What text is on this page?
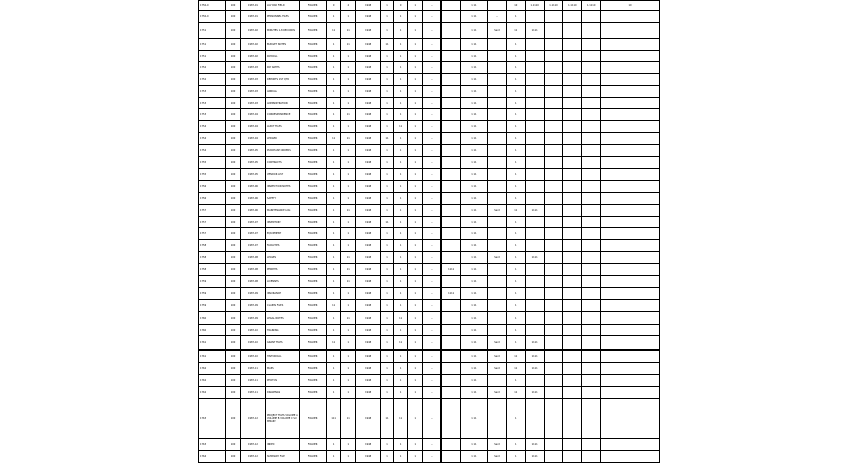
1750-0	100	1987-01	LILY PAD FIELD	FOLDER	0	4	1948	1	0	1	--		1 11		10	1.1110	1.1110	1.1110	1.1110	10
1750-0	100	1987-01	PERSONNEL FILES	FOLDER	1	1	1948	1	1	1	--		1 11	--	1					
1751	100	1987-02	MINUTES 1-8 RECORDS	FOLDER	11	11	1948	1	1	1	--		1 11	Sent	11	1111				
1751	100	1987-02	BUDGET NOTES	FOLDER	1	11	1948	11	1	1	--		1 11		1					
1751	100	1987-02	PAYROLL	FOLDER	1	1	1948	1	1	1	--		1 11		1					
1752	100	1987-03	PAY RATES	FOLDER	1	1	1948	1	1	1	--		1 11		1					
1752	100	1987-03	REPORTS 1ST QTR	FOLDER	1	1	1948	1	1	1	--		1 11		1					
1753	100	1987-03	ANNUAL	FOLDER	1	1	1948	1	1	1	--		1 11		1					
1753	100	1987-03	ADMINISTRATION	FOLDER	1	1	1948	1	1	1	--		1 11		1					
1753	100	1987-04	CORRESPONDENCE	FOLDER	1	11	1948	1	1	1	--		1 11		1					
1754	100	1987-04	AUDIT FILES	FOLDER	1	1	1948	1	11	1	--		1 11		1					
1754	100	1987-04	LEDGER	FOLDER	11	11	1948	11	1	1	--		1 11		1					
1754	100	1987-05	PURCHASE ORDERS	FOLDER	1	1	1948	1	1	1	--		1 11		1					
1755	100	1987-05	CONTRACTS	FOLDER	1	1	1948	1	1	1	--		1 11		1					
1755	100	1987-05	VENDOR LIST	FOLDER	1	1	1948	1	1	1	--		1 11		1					
1756	100	1987-06	INSPECTION NOTES	FOLDER	1	1	1948	1	1	1	--		1 11		1					
1756	100	1987-06	SAFETY	FOLDER	1	1	1948	1	1	1	--		1 11		1					
1757	100	1987-06	MAINTENANCE LOG	FOLDER	1	11	1948	1	1	1	--		1 11	Sent	11	1111				
1757	100	1987-07	INVENTORY	FOLDER	1	1	1948	11	1	1	--		1 11		1					
1757	100	1987-07	EQUIPMENT	FOLDER	1	1	1948	1	1	1	--		1 11		1					
1758	100	1987-07	FACILITIES	FOLDER	1	1	1948	1	1	1	--		1 11		1					
1758	100	1987-08	LEASES	FOLDER	1	11	1948	1	1	1	--		1 11	Sent	1	1111				
1758	100	1987-08	PERMITS	FOLDER	1	11	1948	1	1	1	--	1111	1 11		1					
1759	100	1987-08	LICENSES	FOLDER	1	11	1948	1	1	1	--		1 11		1					
1759	100	1987-09	INSURANCE	FOLDER	1	1	1948	1	1	1	--	1111	1 11		1					
1759	100	1987-09	CLAIMS FILES	FOLDER	11	1	1948	1	1	1	--		1 11		1					
1760	100	1987-09	LEGAL NOTES	FOLDER	1	11	1948	1	11	1	--		1 11		1					
1760	100	1987-10	TRAINING	FOLDER	1	1	1948	1	1	1	--		1 11		1					
1761	100	1987-10	GRANT FILES	FOLDER	11	1	1948	1	11	1	--		1 11	Sent	1	1111				
1761	100	1987-10	HISTORICAL	FOLDER	1	1	1948	1	1	1	--		1 11	Sent	11	1111				
1762	100	1987-11	MAPS	FOLDER	1	1	1948	1	1	1	--		1 11	Sent	11	1111				
1762	100	1987-11	PHOTOS	FOLDER	1	1	1948	1	1	1	--		1 11		1					
1762	100	1987-11	DRAWINGS	FOLDER	1	1	1948	1	1	1	--		1 11	Sent	11	1111				
1763	100	1987-12	PROJECT FILES VOLUME A VOLUME B VOLUME C SUMMARY	FOLDER	111	11	1948	11	11	1	--		1 11		1					
1763	100	1987-12	INDEX	FOLDER	1	1	1948	1	1	1	--		1 11	Sent	1	1111				
1764	100	1987-12	SUMMARY FILE	FOLDER	1	1	1948	1	1	1	--		1 11	Sent	1	1111				
